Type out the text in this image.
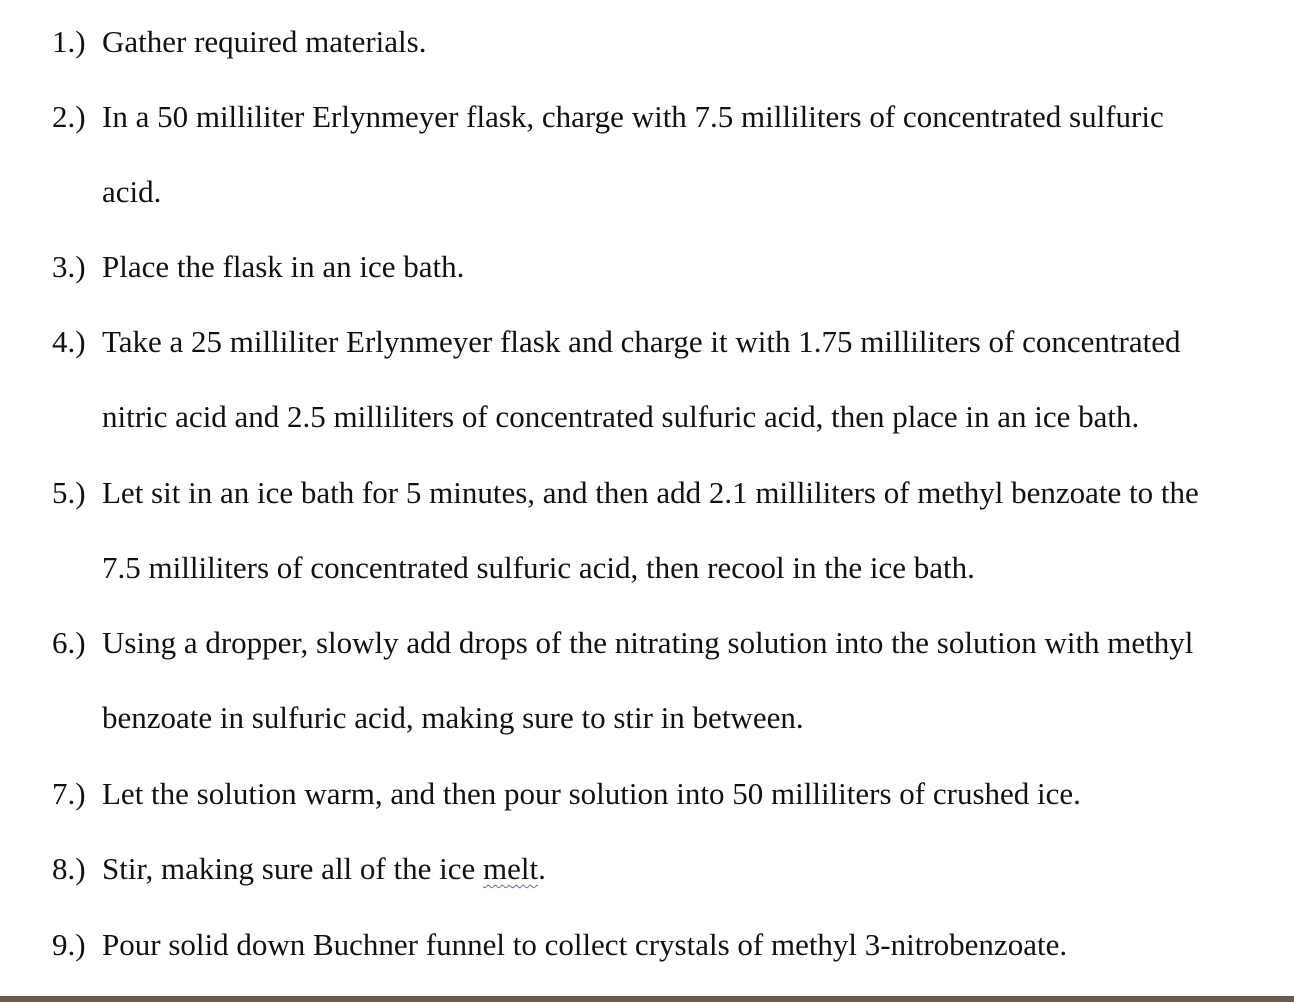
1.) Gather required materials.
2.) In a 50 milliliter Erlynmeyer flask, charge with 7.5 milliliters of concentrated sulfuric
acid.
3.) Place the flask in an ice bath.
4.) Take a 25 milliliter Erlynmeyer flask and charge it with 1.75 milliliters of concentrated
nitric acid and 2.5 milliliters of concentrated sulfuric acid, then place in an ice bath.
5.) Let sit in an ice bath for 5 minutes, and then add 2.1 milliliters of methyl benzoate to the
7.5 milliliters of concentrated sulfuric acid, then recool in the ice bath.
6.) Using a dropper, slowly add drops of the nitrating solution into the solution with methyl
benzoate in sulfuric acid, making sure to stir in between.
7.) Let the solution warm, and then pour solution into 50 milliliters of crushed ice.
8.) Stir, making sure all of the ice melt.
9.) Pour solid down Buchner funnel to collect crystals of methyl 3-nitrobenzoate.
